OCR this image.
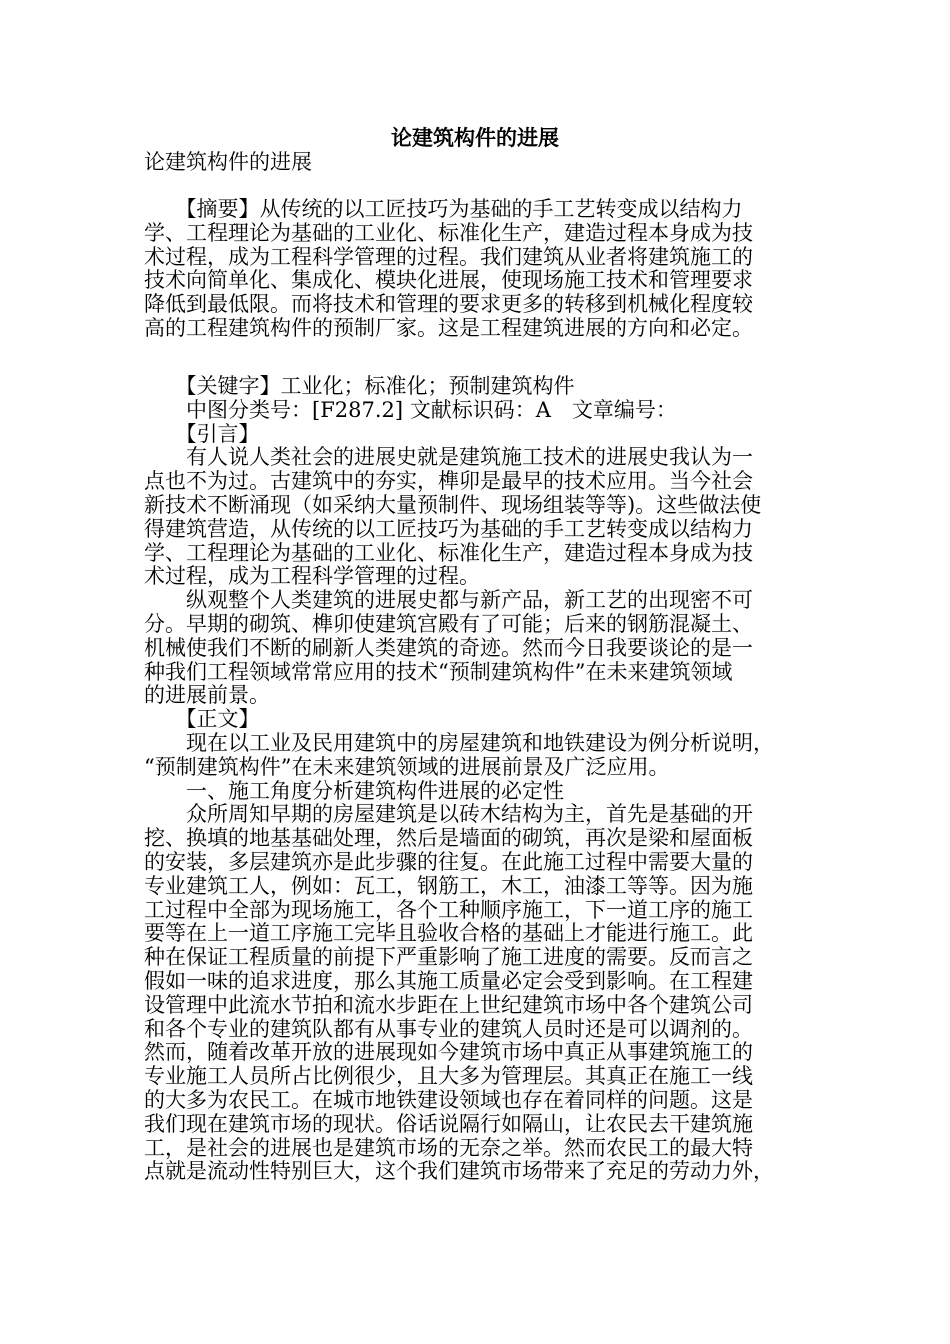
论建筑构件的进展
论建筑构件的进展
　　【摘要】从传统的以工匠技巧为基础的手工艺转变成以结构力
学、工程理论为基础的工业化、标准化生产，建造过程本身成为技
术过程，成为工程科学管理的过程。我们建筑从业者将建筑施工的
技术向简单化、集成化、模块化进展，使现场施工技术和管理要求
降低到最低限。而将技术和管理的要求更多的转移到机械化程度较
高的工程建筑构件的预制厂家。这是工程建筑进展的方向和必定。
　　【关键字】工业化；标准化；预制建筑构件
　　中图分类号：[F287.2] 文献标识码：A　文章编号：
　　【引言】
　　有人说人类社会的进展史就是建筑施工技术的进展史我认为一
点也不为过。古建筑中的夯实，榫卯是最早的技术应用。当今社会
新技术不断涌现（如采纳大量预制件、现场组装等等)。这些做法使
得建筑营造，从传统的以工匠技巧为基础的手工艺转变成以结构力
学、工程理论为基础的工业化、标准化生产，建造过程本身成为技
术过程，成为工程科学管理的过程。
　　纵观整个人类建筑的进展史都与新产品，新工艺的出现密不可
分。早期的砌筑、榫卯使建筑宫殿有了可能；后来的钢筋混凝土、
机械使我们不断的刷新人类建筑的奇迹。然而今日我要谈论的是一
种我们工程领域常常应用的技术“预制建筑构件”在未来建筑领域
的进展前景。
　　【正文】
　　现在以工业及民用建筑中的房屋建筑和地铁建设为例分析说明，
“预制建筑构件”在未来建筑领域的进展前景及广泛应用。
　　一、施工角度分析建筑构件进展的必定性
　　众所周知早期的房屋建筑是以砖木结构为主，首先是基础的开
挖、换填的地基基础处理，然后是墙面的砌筑，再次是梁和屋面板
的安装，多层建筑亦是此步骤的往复。在此施工过程中需要大量的
专业建筑工人，例如：瓦工，钢筋工，木工，油漆工等等。因为施
工过程中全部为现场施工，各个工种顺序施工，下一道工序的施工
要等在上一道工序施工完毕且验收合格的基础上才能进行施工。此
种在保证工程质量的前提下严重影响了施工进度的需要。反而言之
假如一味的追求进度，那么其施工质量必定会受到影响。在工程建
设管理中此流水节拍和流水步距在上世纪建筑市场中各个建筑公司
和各个专业的建筑队都有从事专业的建筑人员时还是可以调剂的。
然而，随着改革开放的进展现如今建筑市场中真正从事建筑施工的
专业施工人员所占比例很少，且大多为管理层。其真正在施工一线
的大多为农民工。在城市地铁建设领域也存在着同样的问题。这是
我们现在建筑市场的现状。俗话说隔行如隔山，让农民去干建筑施
工，是社会的进展也是建筑市场的无奈之举。然而农民工的最大特
点就是流动性特别巨大，这个我们建筑市场带来了充足的劳动力外，
